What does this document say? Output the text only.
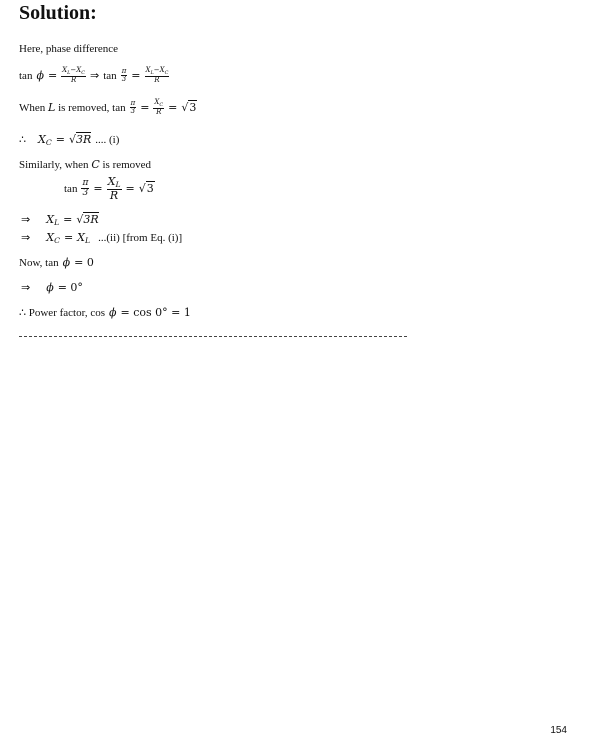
Solution:
Here, phase difference
$\tan \phi = \frac{X_L-X_C}{R}$ ⇒ $\tan \frac{\pi}{3} = \frac{X_L-X_C}{R}$
When L is removed, $\tan \frac{\pi}{3} = \frac{X_C}{R} = √3$
∴ $X_C = √3R$ .... (i)
Similarly, when C is removed
$\tan \frac{\pi}{3} = \frac{X_L}{R} = √3$
⇒ $X_L = √3R$
⇒ $X_C = X_L$ ...(ii) [from Eq. (i)]
Now, tan ϕ = 0
⇒ ϕ = 0°
∴ Power factor, cos ϕ = cos 0° = 1
154
